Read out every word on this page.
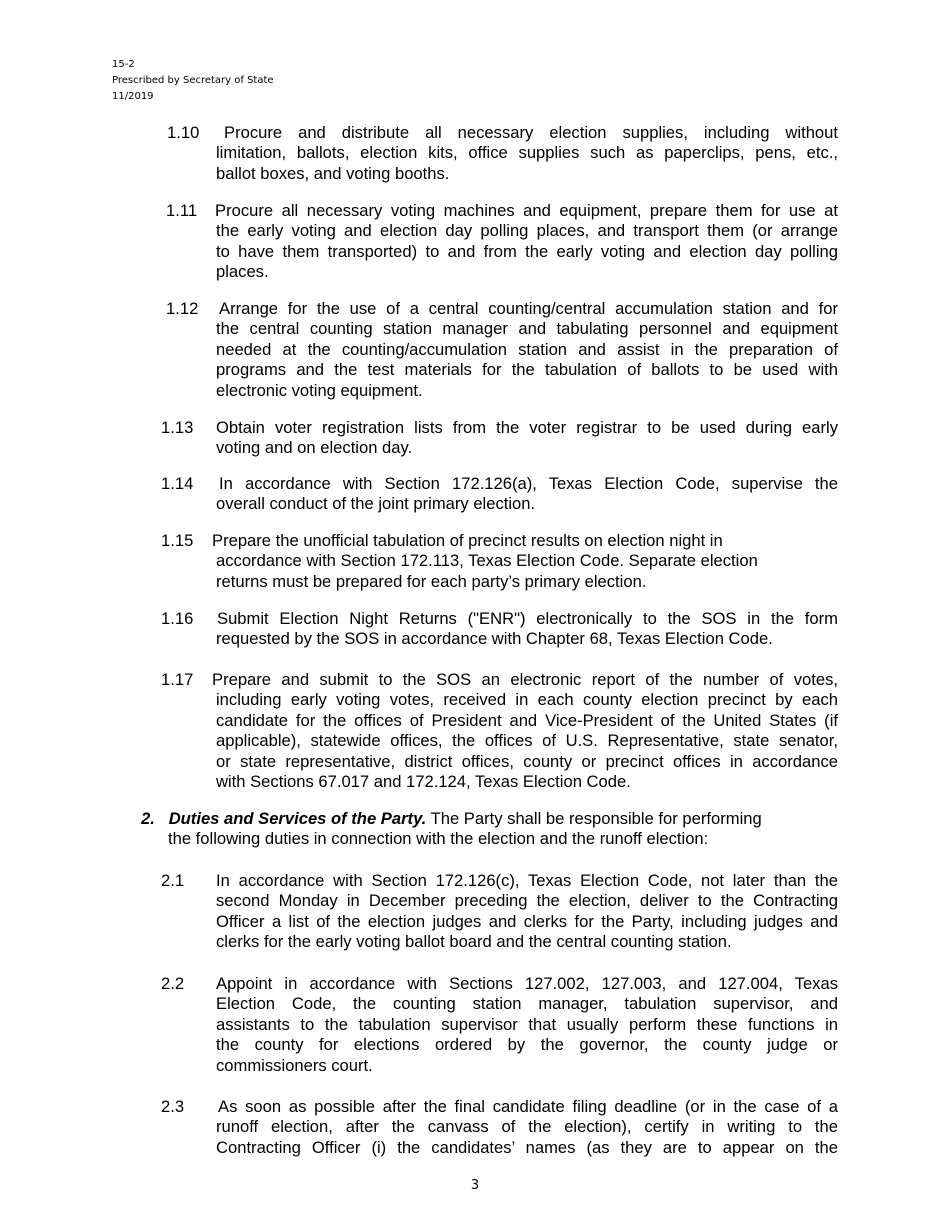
15-2
Prescribed by Secretary of State
11/2019
1.10 Procure and distribute all necessary election supplies, including without
limitation, ballots, election kits, office supplies such as paperclips, pens, etc.,
ballot boxes, and voting booths.
1.11 Procure all necessary voting machines and equipment, prepare them for use at
the early voting and election day polling places, and transport them (or arrange
to have them transported) to and from the early voting and election day polling
places.
1.12 Arrange for the use of a central counting/central accumulation station and for
the central counting station manager and tabulating personnel and equipment
needed at the counting/accumulation station and assist in the preparation of
programs and the test materials for the tabulation of ballots to be used with
electronic voting equipment.
1.13 Obtain voter registration lists from the voter registrar to be used during early
voting and on election day.
1.14 In accordance with Section 172.126(a), Texas Election Code, supervise the
overall conduct of the joint primary election.
1.15 Prepare the unofficial tabulation of precinct results on election night in
accordance with Section 172.113, Texas Election Code. Separate election
returns must be prepared for each party’s primary election.
1.16 Submit Election Night Returns ("ENR") electronically to the SOS in the form
requested by the SOS in accordance with Chapter 68, Texas Election Code.
1.17 Prepare and submit to the SOS an electronic report of the number of votes,
including early voting votes, received in each county election precinct by each
candidate for the offices of President and Vice-President of the United States (if
applicable), statewide offices, the offices of U.S. Representative, state senator,
or state representative, district offices, county or precinct offices in accordance
with Sections 67.017 and 172.124, Texas Election Code.
2. Duties and Services of the Party. The Party shall be responsible for performing
the following duties in connection with the election and the runoff election:
2.1 In accordance with Section 172.126(c), Texas Election Code, not later than the
second Monday in December preceding the election, deliver to the Contracting
Officer a list of the election judges and clerks for the Party, including judges and
clerks for the early voting ballot board and the central counting station.
2.2 Appoint in accordance with Sections 127.002, 127.003, and 127.004, Texas
Election Code, the counting station manager, tabulation supervisor, and
assistants to the tabulation supervisor that usually perform these functions in
the county for elections ordered by the governor, the county judge or
commissioners court.
2.3 As soon as possible after the final candidate filing deadline (or in the case of a
runoff election, after the canvass of the election), certify in writing to the
Contracting Officer (i) the candidates’ names (as they are to appear on the
3
